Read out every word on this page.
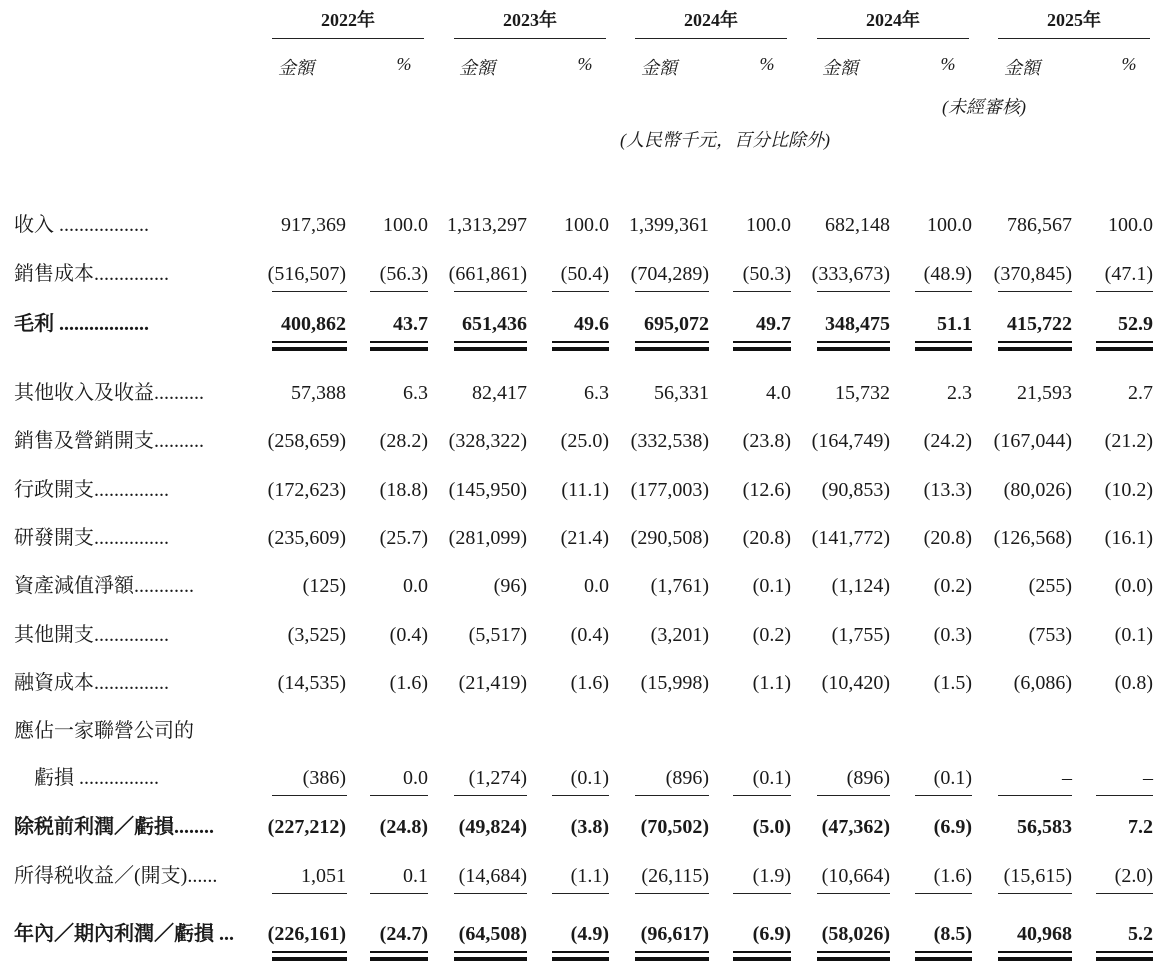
2022年
金額	%
2023年
金額	%
2024年
金額	%
2024年
金額	%
2025年
金額	%
(未經審核)
(人民幣千元，百分比除外)
收入 ..................	917,369	100.0 1,313,297	100.0	1,399,361	100.0	682,148	100.0	786,567	100.0
銷售成本...............	(516,507)	(56.3)	(661,861)	(50.4)	(704,289)	(50.3)	(333,673)	(48.9)	(370,845)	(47.1)
毛利 ..................	400,862	43.7	651,436	49.6	695,072	49.7	348,475	51.1	415,722	52.9
其他收入及收益..........	57,388	6.3	82,417	6.3	56,331	4.0	15,732	2.3	21,593	2.7
銷售及營銷開支..........	(258,659)	(28.2)	(328,322)	(25.0)	(332,538)	(23.8)	(164,749)	(24.2)	(167,044)	(21.2)
行政開支...............	(172,623)	(18.8)	(145,950)	(11.1)	(177,003)	(12.6)	(90,853)	(13.3)	(80,026)	(10.2)
研發開支...............	(235,609)	(25.7)	(281,099)	(21.4)	(290,508)	(20.8)	(141,772)	(20.8)	(126,568)	(16.1)
資產減值淨額............	(125)	0.0	(96)	0.0	(1,761)	(0.1)	(1,124)	(0.2)	(255)	(0.0)
其他開支...............	(3,525)	(0.4)	(5,517)	(0.4)	(3,201)	(0.2)	(1,755)	(0.3)	(753)	(0.1)
融資成本...............	(14,535)	(1.6)	(21,419)	(1.6)	(15,998)	(1.1)	(10,420)	(1.5)	(6,086)	(0.8)
應佔一家聯營公司的
　虧損 ................	(386)	0.0	(1,274)	(0.1)	(896)	(0.1)	(896)	(0.1)	–	–
除税前利潤／虧損........	(227,212)	(24.8)	(49,824)	(3.8)	(70,502)	(5.0)	(47,362)	(6.9)	56,583	7.2
所得税收益／(開支)......	1,051	0.1	(14,684)	(1.1)	(26,115)	(1.9)	(10,664)	(1.6)	(15,615)	(2.0)
年內／期內利潤／虧損 ...	(226,161)	(24.7)	(64,508)	(4.9)	(96,617)	(6.9)	(58,026)	(8.5)	40,968	5.2
